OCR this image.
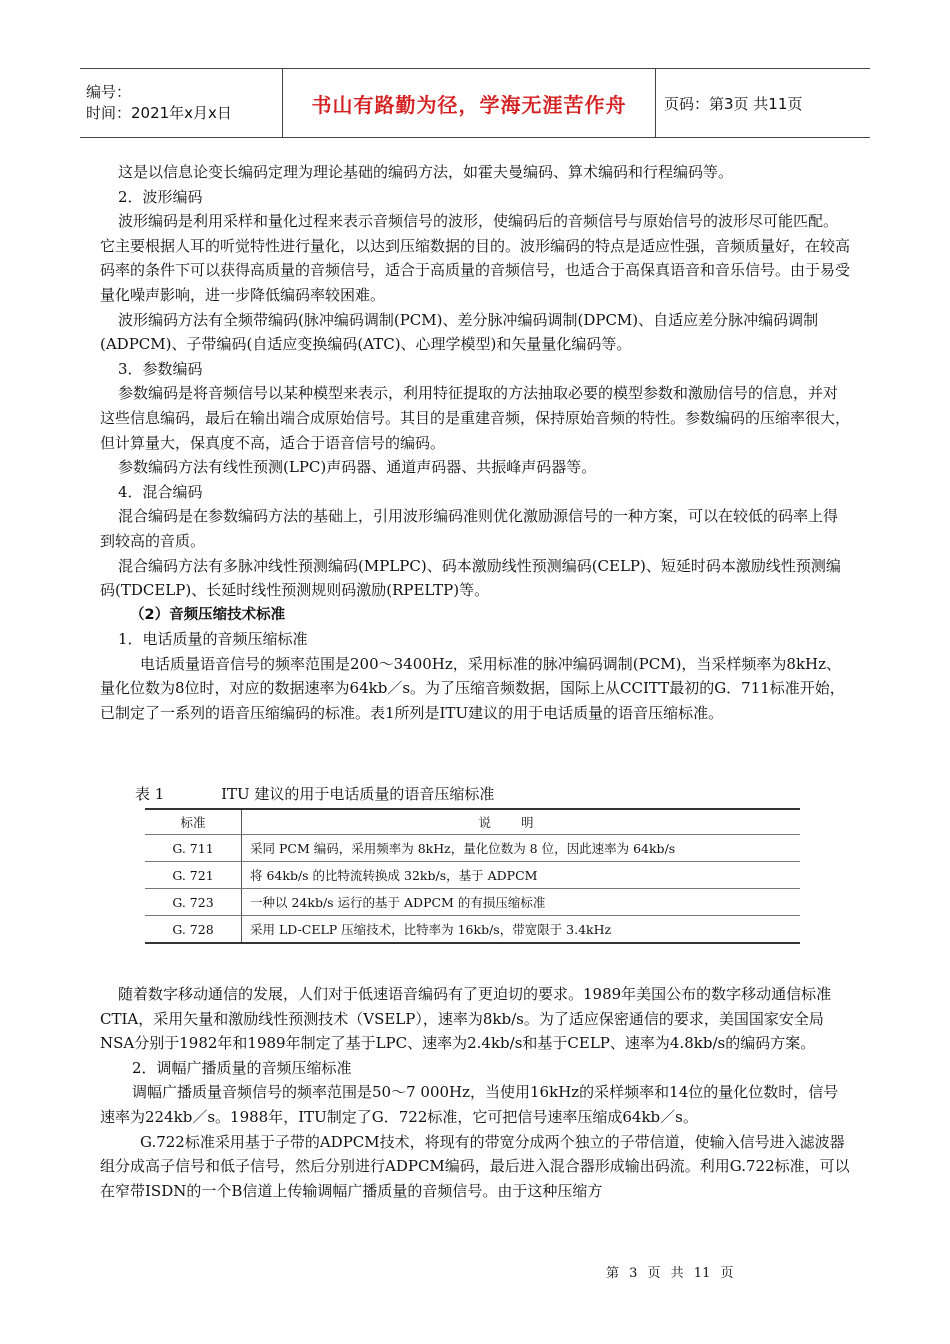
编号：
时间：2021年x月x日	书山有路勤为径，学海无涯苦作舟	页码：第3页 共11页

这是以信息论变长编码定理为理论基础的编码方法，如霍夫曼编码、算术编码和行程编码等。

2．波形编码

波形编码是利用采样和量化过程来表示音频信号的波形，使编码后的音频信号与原始信号的波形尽可能匹配。它主要根据人耳的听觉特性进行量化，以达到压缩数据的目的。波形编码的特点是适应性强，音频质量好，在较高码率的条件下可以获得高质量的音频信号，适合于高质量的音频信号，也适合于高保真语音和音乐信号。由于易受量化噪声影响，进一步降低编码率较困难。

波形编码方法有全频带编码(脉冲编码调制(PCM)、差分脉冲编码调制(DPCM)、自适应差分脉冲编码调制(ADPCM)、子带编码(自适应变换编码(ATC)、心理学模型)和矢量量化编码等。

3．参数编码

参数编码是将音频信号以某种模型来表示，利用特征提取的方法抽取必要的模型参数和激励信号的信息，并对这些信息编码，最后在输出端合成原始信号。其目的是重建音频，保持原始音频的特性。参数编码的压缩率很大，但计算量大，保真度不高，适合于语音信号的编码。

参数编码方法有线性预测(LPC)声码器、通道声码器、共振峰声码器等。

4．混合编码

混合编码是在参数编码方法的基础上，引用波形编码准则优化激励源信号的一种方案，可以在较低的码率上得到较高的音质。

混合编码方法有多脉冲线性预测编码(MPLPC)、码本激励线性预测编码(CELP)、短延时码本激励线性预测编码(TDCELP)、长延时线性预测规则码激励(RPELTP)等。

（2）音频压缩技术标准

1．电话质量的音频压缩标准

电话质量语音信号的频率范围是200～3400Hz，采用标准的脉冲编码调制(PCM)，当采样频率为8kHz、量化位数为8位时，对应的数据速率为64kb／s。为了压缩音频数据，国际上从CCITT最初的G．711标准开始，已制定了一系列的语音压缩编码的标准。表1所列是ITU建议的用于电话质量的语音压缩标准。

表 1	ITU 建议的用于电话质量的语音压缩标准
标准	说明
G. 711	采同 PCM 编码，采用频率为 8kHz，量化位数为 8 位，因此速率为 64kb/s
G. 721	将 64kb/s 的比特流转换成 32kb/s，基于 ADPCM
G. 723	一种以 24kb/s 运行的基于 ADPCM 的有损压缩标准
G. 728	采用 LD-CELP 压缩技术，比特率为 16kb/s，带宽限于 3.4kHz

随着数字移动通信的发展，人们对于低速语音编码有了更迫切的要求。1989年美国公布的数字移动通信标准CTIA，采用矢量和激励线性预测技术（VSELP），速率为8kb/s。为了适应保密通信的要求，美国国家安全局NSA分别于1982年和1989年制定了基于LPC、速率为2.4kb/s和基于CELP、速率为4.8kb/s的编码方案。

2．调幅广播质量的音频压缩标准

调幅广播质量音频信号的频率范围是50～7 000Hz，当使用16kHz的采样频率和14位的量化位数时，信号速率为224kb／s。1988年，ITU制定了G．722标准，它可把信号速率压缩成64kb／s。

G.722标准采用基于子带的ADPCM技术，将现有的带宽分成两个独立的子带信道，使输入信号进入滤波器组分成高子信号和低子信号，然后分别进行ADPCM编码，最后进入混合器形成输出码流。利用G.722标准，可以在窄带ISDN的一个B信道上传输调幅广播质量的音频信号。由于这种压缩方

第 3 页 共 11 页
